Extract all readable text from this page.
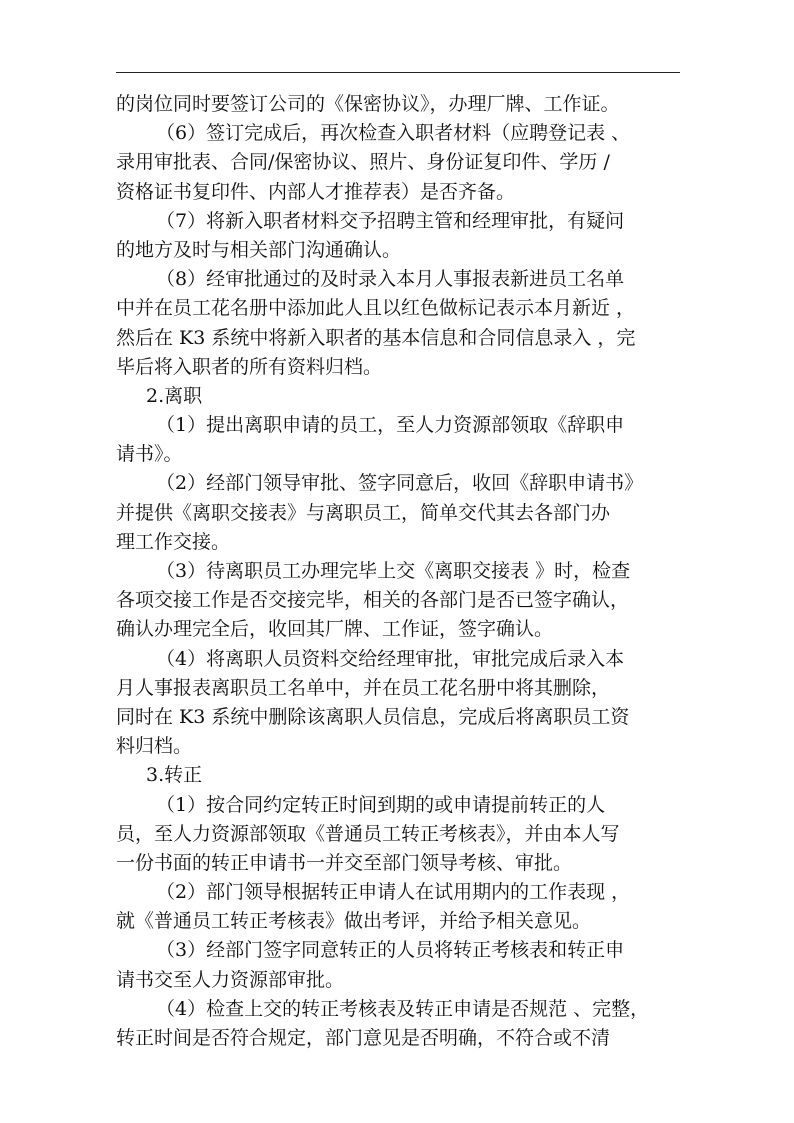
的岗位同时要签订公司的《保密协议》，办理厂牌、工作证。
（6）签订完成后，再次检查入职者材料（应聘登记表 、
录用审批表、合同/保密协议、照片、身份证复印件、学历 /
资格证书复印件、内部人才推荐表）是否齐备。
（7）将新入职者材料交予招聘主管和经理审批，有疑问
的地方及时与相关部门沟通确认。
（8）经审批通过的及时录入本月人事报表新进员工名单
中并在员工花名册中添加此人且以红色做标记表示本月新近 ，
然后在 K3 系统中将新入职者的基本信息和合同信息录入 ，完
毕后将入职者的所有资料归档。
2.离职
（1）提出离职申请的员工，至人力资源部领取《辞职申
请书》。
（2）经部门领导审批、签字同意后，收回《辞职申请书》
并提供《离职交接表》与离职员工，简单交代其去各部门办
理工作交接。
（3）待离职员工办理完毕上交《离职交接表 》时，检查
各项交接工作是否交接完毕，相关的各部门是否已签字确认，
确认办理完全后，收回其厂牌、工作证，签字确认。
（4）将离职人员资料交给经理审批，审批完成后录入本
月人事报表离职员工名单中，并在员工花名册中将其删除，
同时在 K3 系统中删除该离职人员信息，完成后将离职员工资
料归档。
3.转正
（1）按合同约定转正时间到期的或申请提前转正的人
员，至人力资源部领取《普通员工转正考核表》，并由本人写
一份书面的转正申请书一并交至部门领导考核、审批。
（2）部门领导根据转正申请人在试用期内的工作表现 ，
就《普通员工转正考核表》做出考评，并给予相关意见。
（3）经部门签字同意转正的人员将转正考核表和转正申
请书交至人力资源部审批。
（4）检查上交的转正考核表及转正申请是否规范 、完整，
转正时间是否符合规定，部门意见是否明确，不符合或不清
